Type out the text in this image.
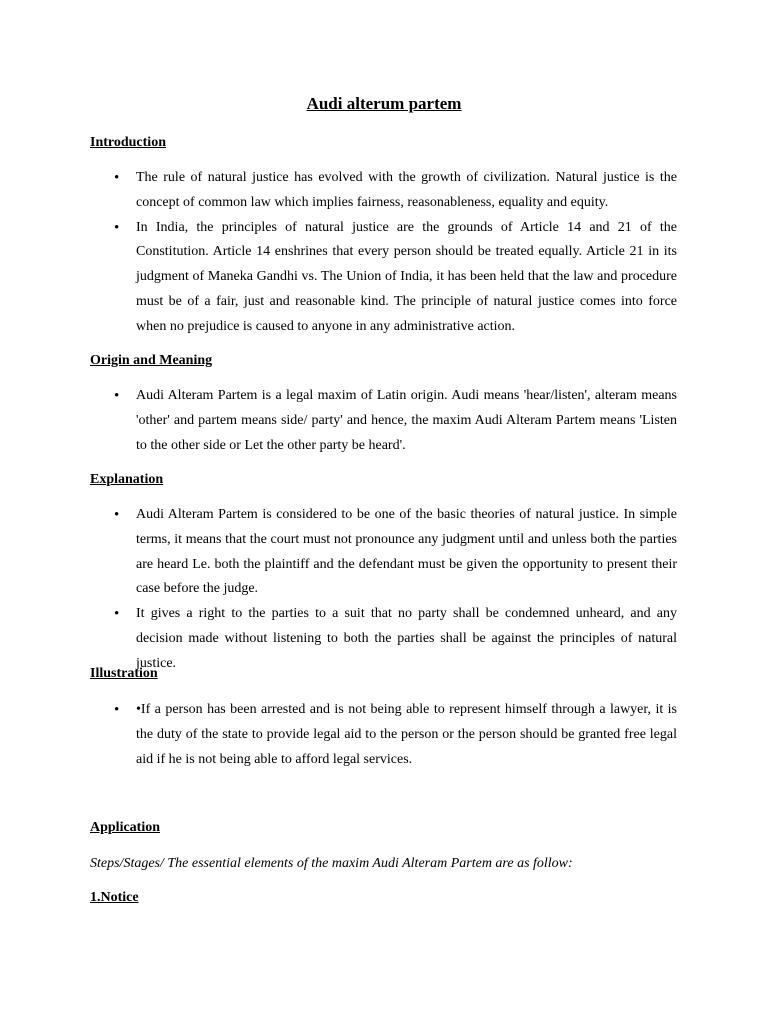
Audi alterum partem
Introduction
• The rule of natural justice has evolved with the growth of civilization. Natural justice is the concept of common law which implies fairness, reasonableness, equality and equity.
• In India, the principles of natural justice are the grounds of Article 14 and 21 of the Constitution. Article 14 enshrines that every person should be treated equally. Article 21 in its judgment of Maneka Gandhi vs. The Union of India, it has been held that the law and procedure must be of a fair, just and reasonable kind. The principle of natural justice comes into force when no prejudice is caused to anyone in any administrative action.
Origin and Meaning
• Audi Alteram Partem is a legal maxim of Latin origin. Audi means 'hear/listen', alteram means 'other' and partem means side/ party' and hence, the maxim Audi Alteram Partem means 'Listen to the other side or Let the other party be heard'.
Explanation
• Audi Alteram Partem is considered to be one of the basic theories of natural justice. In simple terms, it means that the court must not pronounce any judgment until and unless both the parties are heard Le. both the plaintiff and the defendant must be given the opportunity to present their case before the judge.
• It gives a right to the parties to a suit that no party shall be condemned unheard, and any decision made without listening to both the parties shall be against the principles of natural justice.
Illustration
• •If a person has been arrested and is not being able to represent himself through a lawyer, it is the duty of the state to provide legal aid to the person or the person should be granted free legal aid if he is not being able to afford legal services.
Application
Steps/Stages/ The essential elements of the maxim Audi Alteram Partem are as follow:
1.Notice
